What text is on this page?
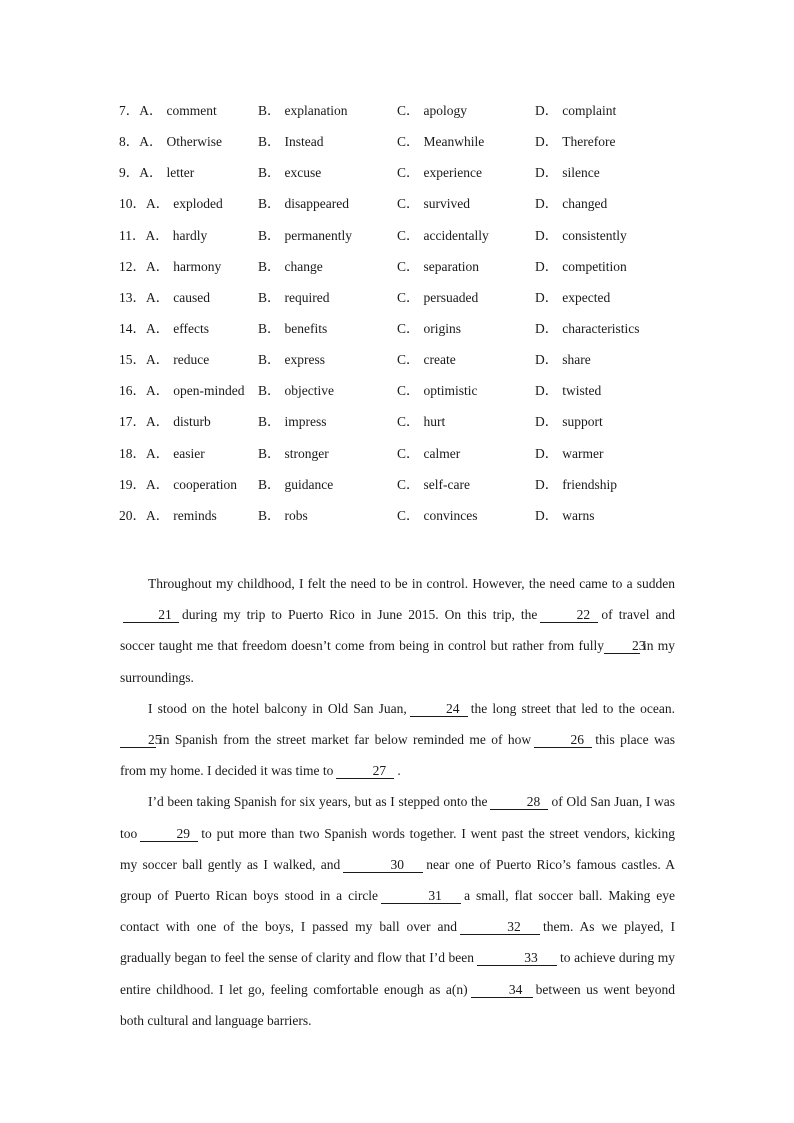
7．A． comment	B． explanation	C． apology	D． complaint
8．A． Otherwise	B． Instead	C． Meanwhile	D． Therefore
9．A． letter	B． excuse	C． experience	D． silence
10．A． exploded	B． disappeared	C． survived	D． changed
11．A． hardly	B． permanently	C． accidentally	D． consistently
12．A． harmony	B． change	C． separation	D． competition
13．A． caused	B． required	C． persuaded	D． expected
14．A． effects	B． benefits	C． origins	D． characteristics
15．A． reduce	B． express	C． create	D． share
16．A． open-minded B． objective	C． optimistic	D． twisted
17．A． disturb	B． impress	C． hurt	D． support
18．A． easier	B． stronger	C． calmer	D． warmer
19．A． cooperation B． guidance	C． self-care	D． friendship
20．A． reminds	B． robs	C． convinces	D． warns

Throughout my childhood, I felt the need to be in control. However, the need came to a sudden21 during my trip to Puerto Rico in June 2015. On this trip, the	22 of travel and soccer taught me that freedom doesn’t come from being in control but rather from fully 23in my surroundings.

I stood on the hotel balcony in Old San Juan,	24 the long street that led to the ocean.25in Spanish from the street market far below reminded me of how	26 this place was from my home. I decided it was time to	27 .

I’d been taking Spanish for six years, but as I stepped onto the	28 of Old San Juan, I was too	29 to put more than two Spanish words together. I went past the street vendors, kicking my soccer ball gently as I walked, and	30 near one of Puerto Rico’s famous castles. A group of Puerto Rican boys stood in a circle	31 a small, flat soccer ball. Making eye contact with one of the boys, I passed my ball over and	32 them. As we played, I gradually began to feel the sense of clarity and flow that I’d been	33 to achieve during my entire childhood. I let go, feeling comfortable enough as a(n)	34 between us went beyond both cultural and language barriers.
